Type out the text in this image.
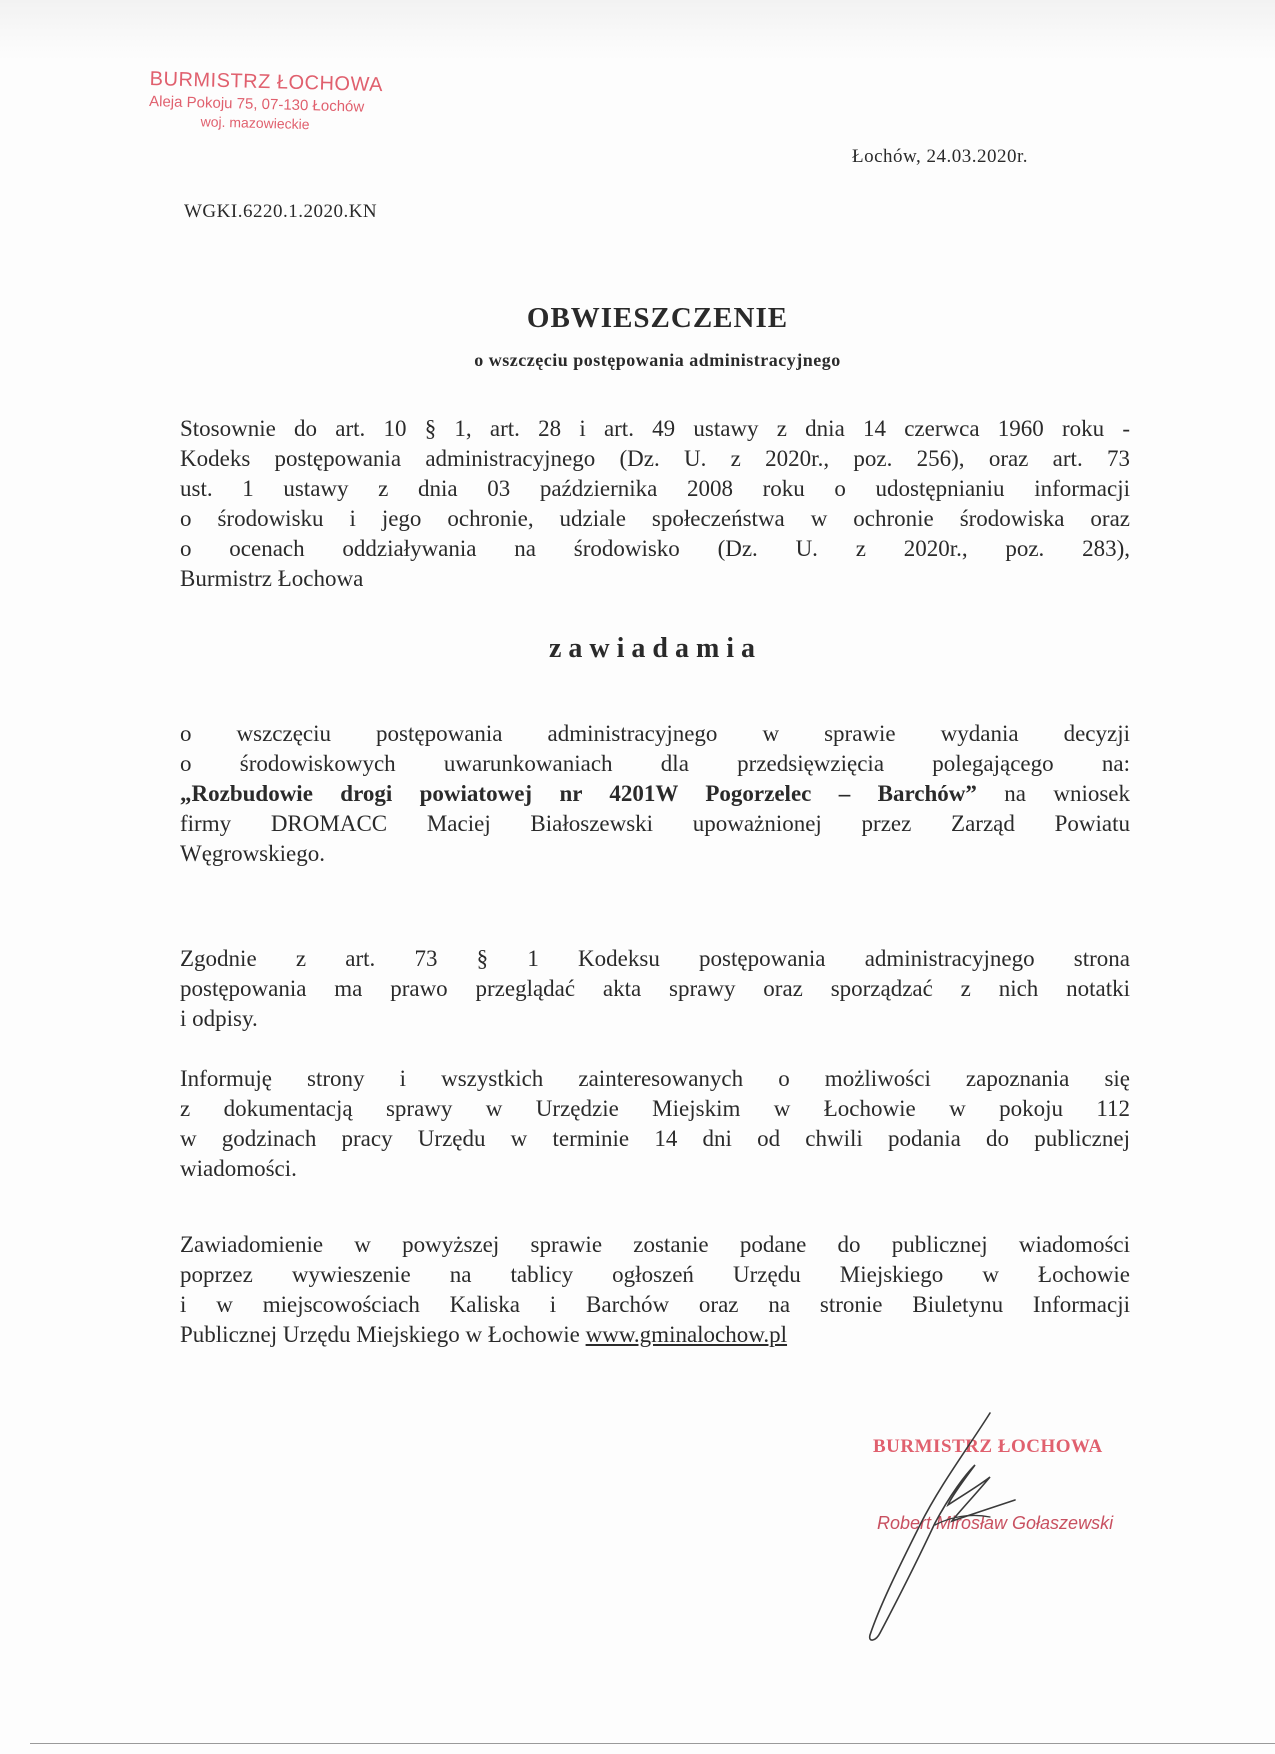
BURMISTRZ ŁOCHOWA
Aleja Pokoju 75, 07-130 Łochów
woj. mazowieckie
Łochów, 24.03.2020r.
WGKI.6220.1.2020.KN
OBWIESZCZENIE
o wszczęciu postępowania administracyjnego
Stosownie do art. 10 § 1, art. 28 i art. 49 ustawy z dnia 14 czerwca 1960 roku -
Kodeks postępowania administracyjnego (Dz. U. z 2020r., poz. 256), oraz art. 73
ust. 1 ustawy z dnia 03 października 2008 roku o udostępnianiu informacji
o środowisku i jego ochronie, udziale społeczeństwa w ochronie środowiska oraz
o ocenach oddziaływania na środowisko (Dz. U. z 2020r., poz. 283),
Burmistrz Łochowa
zawiadamia
o wszczęciu postępowania administracyjnego w sprawie wydania decyzji
o środowiskowych uwarunkowaniach dla przedsięwzięcia polegającego na:
„Rozbudowie drogi powiatowej nr 4201W Pogorzelec – Barchów” na wniosek
firmy DROMACC Maciej Białoszewski upoważnionej przez Zarząd Powiatu
Węgrowskiego.
Zgodnie z art. 73 § 1 Kodeksu postępowania administracyjnego strona
postępowania ma prawo przeglądać akta sprawy oraz sporządzać z nich notatki
i odpisy.
Informuję strony i wszystkich zainteresowanych o możliwości zapoznania się
z dokumentacją sprawy w Urzędzie Miejskim w Łochowie w pokoju 112
w godzinach pracy Urzędu w terminie 14 dni od chwili podania do publicznej
wiadomości.
Zawiadomienie w powyższej sprawie zostanie podane do publicznej wiadomości
poprzez wywieszenie na tablicy ogłoszeń Urzędu Miejskiego w Łochowie
i w miejscowościach Kaliska i Barchów oraz na stronie Biuletynu Informacji
Publicznej Urzędu Miejskiego w Łochowie www.gminalochow.pl
BURMISTRZ ŁOCHOWA
Robert Mirosław Gołaszewski
